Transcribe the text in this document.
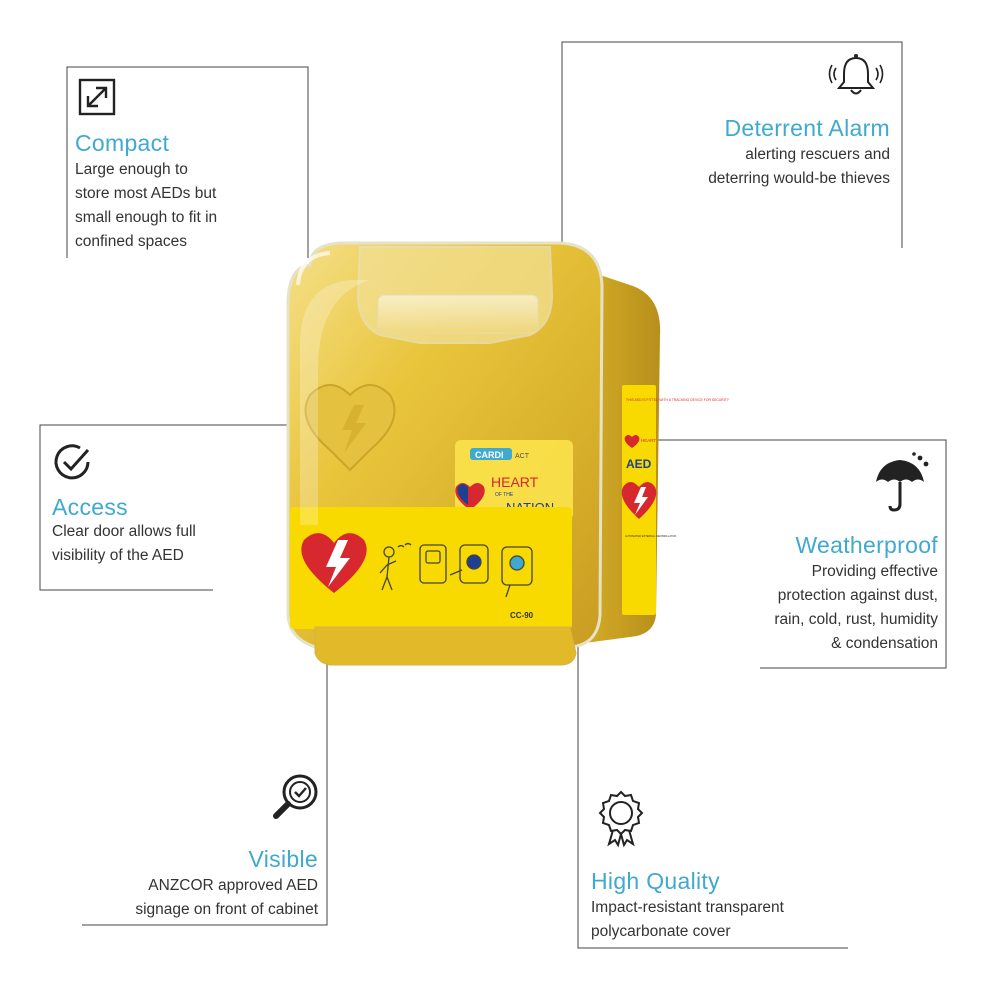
CARDI ACT
HEART
OF THE
CC-90
THIS AED IS FITTED WITH A TRACKING DEVICE FOR SECURITY
HEART
AED
AUTOMATED EXTERNAL DEFIBRILLATOR
Compact
Large enough to
store most AEDs but
small enough to fit in
confined spaces
Deterrent Alarm
alerting rescuers and
deterring would-be thieves
Access
Clear door allows full
visibility of the AED	Weatherproof
Providing effective
protection against dust,
rain, cold, rust, humidity
& condensation
Visible
ANZCOR approved AED
signage on front of cabinet
High Quality
Impact-resistant transparent
polycarbonate cover
